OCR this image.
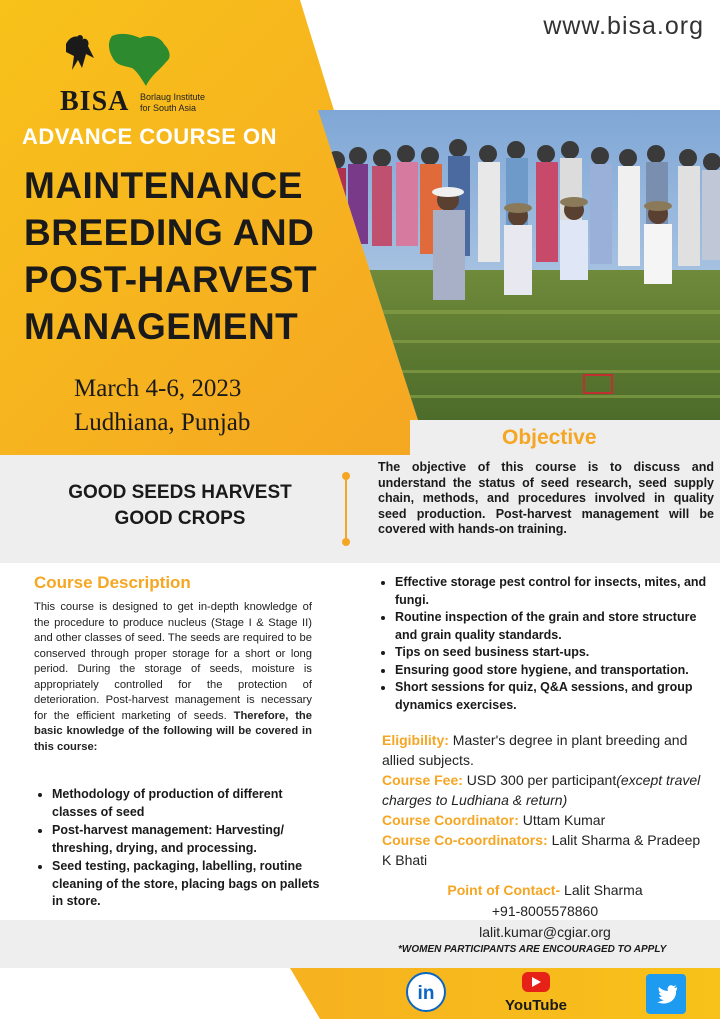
www.bisa.org
BISA Borlaug Institute
for South Asia
ADVANCE COURSE ON
MAINTENANCE
BREEDING AND
POST-HARVEST
MANAGEMENT
March 4-6, 2023
Ludhiana, Punjab
GOOD SEEDS HARVEST
GOOD CROPS
Objective
The objective of this course is to discuss and understand the status of seed research, seed supply chain, methods, and procedures involved in quality seed production. Post-harvest management will be covered with hands-on training.
Course Description
This course is designed to get in-depth knowledge of the procedure to produce nucleus (Stage I & Stage II) and other classes of seed. The seeds are required to be conserved through proper storage for a short or long period. During the storage of seeds, moisture is appropriately controlled for the protection of deterioration. Post-harvest management is necessary for the efficient marketing of seeds. Therefore, the basic knowledge of the following will be covered in this course:
• Methodology of production of different classes of seed
• Post-harvest management: Harvesting/ threshing, drying, and processing.
• Seed testing, packaging, labelling, routine cleaning of the store, placing bags on pallets in store.
• Effective storage pest control for insects, mites, and fungi.
• Routine inspection of the grain and store structure and grain quality standards.
• Tips on seed business start-ups.
• Ensuring good store hygiene, and transportation.
• Short sessions for quiz, Q&A sessions, and group dynamics exercises.
Eligibility: Master's degree in plant breeding and allied subjects.
Course Fee: USD 300 per participant(except travel charges to Ludhiana & return)
Course Coordinator: Uttam Kumar
Course Co-coordinators: Lalit Sharma & Pradeep K Bhati
Point of Contact- Lalit Sharma
+91-8005578860
lalit.kumar@cgiar.org
*WOMEN PARTICIPANTS ARE ENCOURAGED TO APPLY
in
YouTube
